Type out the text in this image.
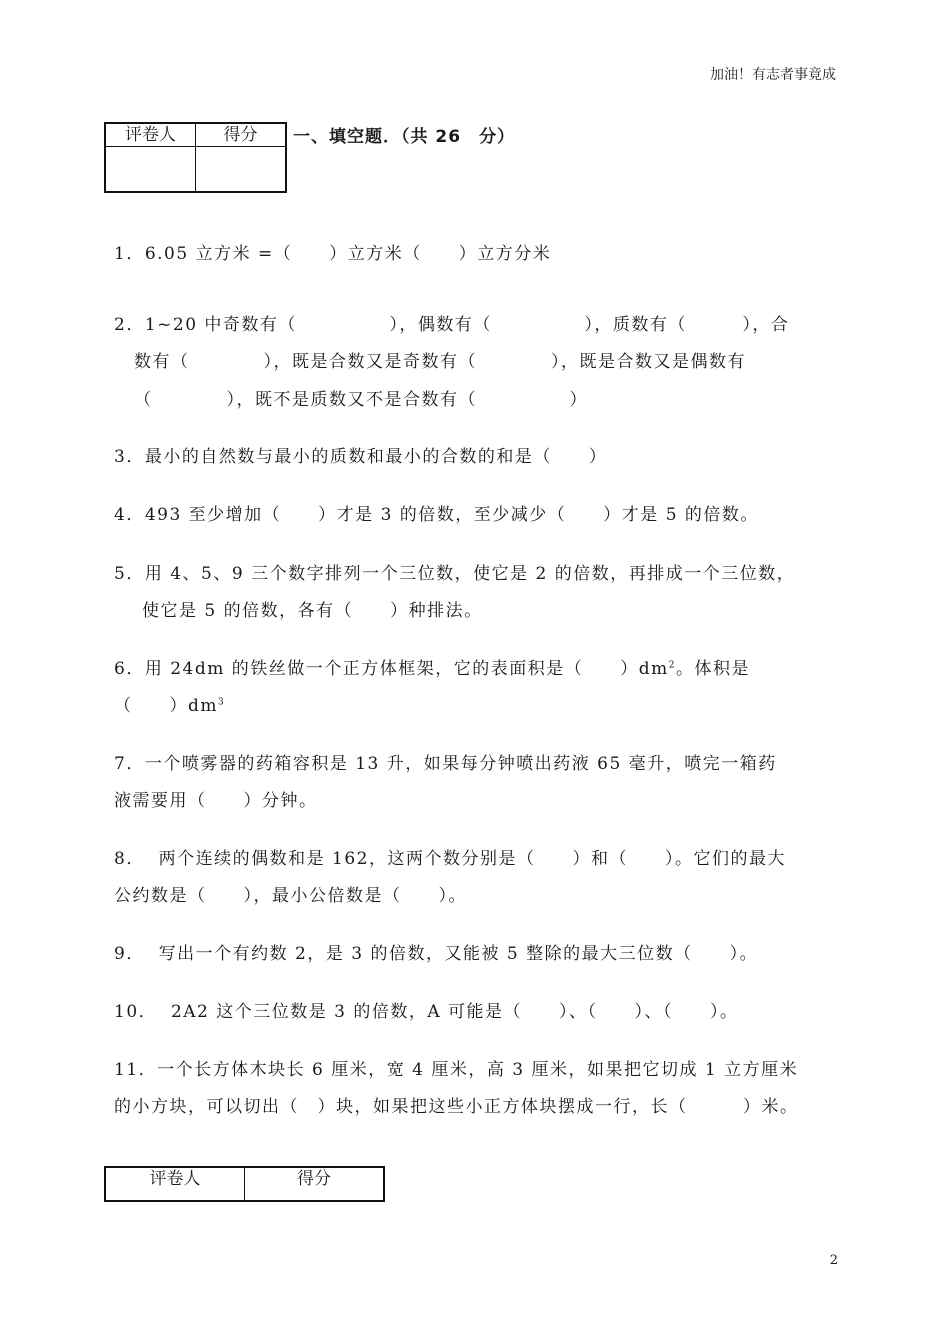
加油！有志者事竟成
评卷人	得分
	一、填空题．（共 26　分）
1．6.05 立方米 =（　　）立方米（　　）立方分米
2．1~20 中奇数有（　　　　　），偶数有（　　　　　），质数有（　　　），合
数有（　　　　），既是合数又是奇数有（　　　　），既是合数又是偶数有
（　　　　），既不是质数又不是合数有（　　　　　）
3．最小的自然数与最小的质数和最小的合数的和是（　　）
4．493 至少增加（　　）才是 3 的倍数，至少减少（　　）才是 5 的倍数。
5．用 4、5、9 三个数字排列一个三位数，使它是 2 的倍数，再排成一个三位数，
使它是 5 的倍数，各有（　　）种排法。
6．用 24dm 的铁丝做一个正方体框架，它的表面积是（　　）$dm^2$。体积是
（　　）$dm^3$
7．一个喷雾器的药箱容积是 13 升，如果每分钟喷出药液 65 毫升，喷完一箱药
液需要用（　　）分钟。
8．  两个连续的偶数和是 162，这两个数分别是（　　）和（　　）。它们的最大
公约数是（　　），最小公倍数是（　　）。
9．  写出一个有约数 2，是 3 的倍数，又能被 5 整除的最大三位数（　　）。
10．  2A2 这个三位数是 3 的倍数，A 可能是（　　）、（　　）、（　　）。
11．一个长方体木块长 6 厘米，宽 4 厘米，高 3 厘米，如果把它切成 1 立方厘米
的小方块，可以切出（　）块，如果把这些小正方体块摆成一行，长（　　　）米。
评卷人	得分
2
